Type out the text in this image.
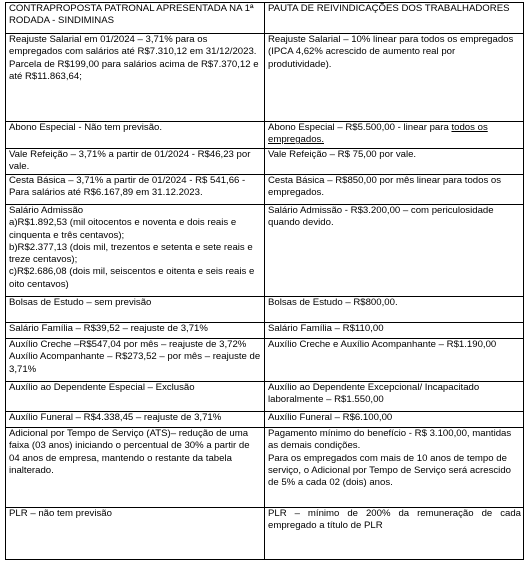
CONTRAPROPOSTA PATRONAL APRESENTADA NA 1ª RODADA - SINDIMINAS	PAUTA DE REIVINDICAÇÕES DOS TRABALHADORES

Reajuste Salarial em 01/2024 – 3,71% para os empregados com salários até R$7.310,12 em 31/12/2023.
Parcela de R$199,00 para salários acima de R$7.370,12 e até R$11.863,64;	Reajuste Salarial – 10% linear para todos os empregados (IPCA 4,62% acrescido de aumento real por produtividade).

Abono Especial - Não tem previsão.	Abono Especial – R$5.500,00 - linear para todos os empregados.

Vale Refeição – 3,71% a partir de 01/2024 - R$46,23 por vale.	Vale Refeição – R$ 75,00 por vale.

Cesta Básica – 3,71% a partir de 01/2024 - R$ 541,66 - Para salários até R$6.167,89 em 31.12.2023.	Cesta Básica – R$850,00 por mês linear para todos os empregados.

Salário Admissão
a)R$1.892,53 (mil oitocentos e noventa e dois reais e cinquenta e três centavos);
b)R$2.377,13 (dois mil, trezentos e setenta e sete reais e treze centavos);
c)R$2.686,08 (dois mil, seiscentos e oitenta e seis reais e oito centavos)	Salário Admissão - R$3.200,00 – com periculosidade quando devido.

Bolsas de Estudo – sem previsão	Bolsas de Estudo – R$800,00.

Salário Família – R$39,52 – reajuste de 3,71%	Salário Família – R$110,00

Auxílio Creche –R$547,04 por mês – reajuste de 3,72%
Auxílio Acompanhante – R$273,52 – por mês – reajuste de 3,71%	Auxílio Creche e Auxílio Acompanhante – R$1.190,00

Auxílio ao Dependente Especial – Exclusão	Auxílio ao Dependente Excepcional/ Incapacitado laboralmente – R$1.550,00

Auxílio Funeral – R$4.338,45 – reajuste de 3,71%	Auxílio Funeral – R$6.100,00

Adicional por Tempo de Serviço (ATS)– redução de uma faixa (03 anos) iniciando o percentual de 30% a partir de 04 anos de empresa, mantendo o restante da tabela inalterado.	Pagamento mínimo do benefício - R$ 3.100,00, mantidas as demais condições.
Para os empregados com mais de 10 anos de tempo de serviço, o Adicional por Tempo de Serviço será acrescido de 5% a cada 02 (dois) anos.

PLR – não tem previsão	PLR – mínimo de 200% da remuneração de cada empregado a título de PLR
